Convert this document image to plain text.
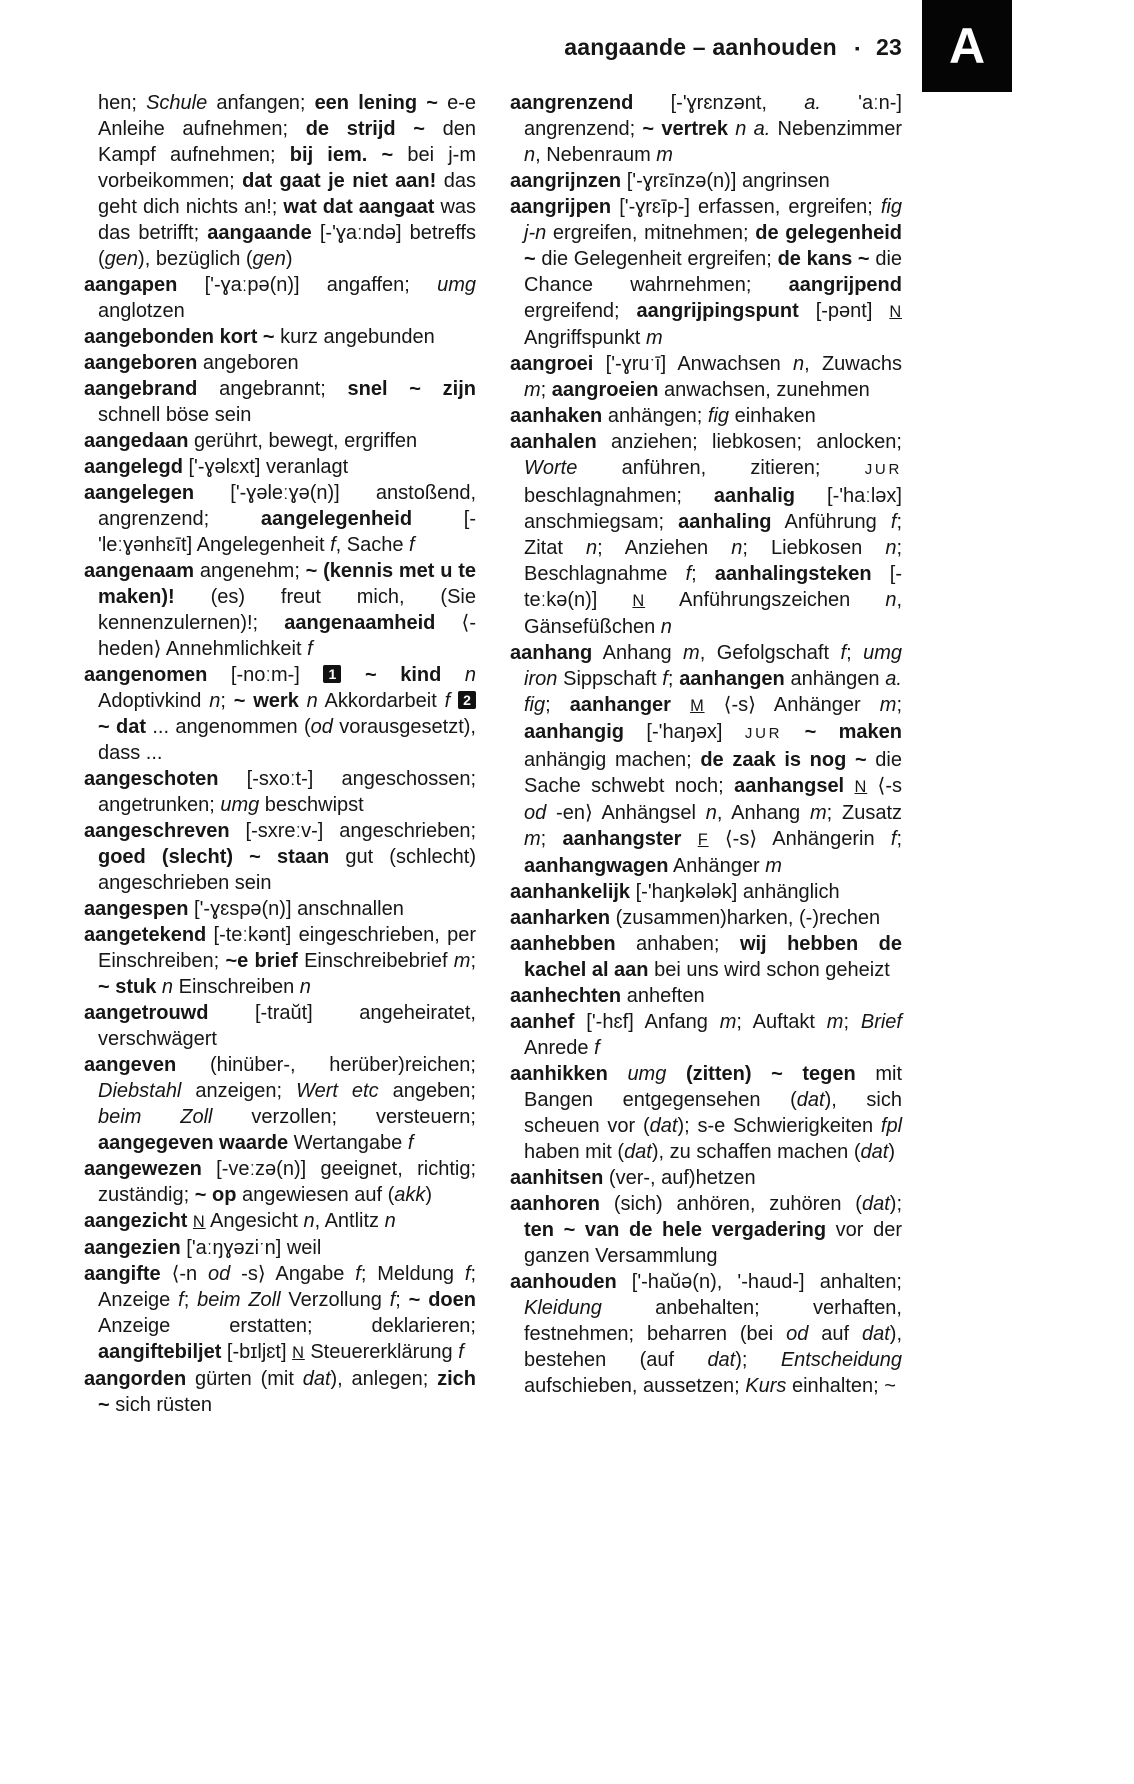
aangaande – aanhouden ▪ 23 A

hen; Schule anfangen; een lening ~ e-e Anleihe aufnehmen; de strijd ~ den Kampf aufnehmen; bij iem. ~ bei j-m vorbeikommen; dat gaat je niet aan! das geht dich nichts an!; wat dat aangaat was das betrifft; aangaande [-'ɣaːndə] betreffs (gen), bezüglich (gen)

aangapen ['-ɣaːpə(n)] angaffen; umg anglotzen

aangebonden kort ~ kurz angebunden

aangeboren angeboren

aangebrand angebrannt; snel ~ zijn schnell böse sein

aangedaan gerührt, bewegt, ergriffen

aangelegd ['-ɣəlɛxt] veranlagt

aangelegen ['-ɣəleːɣə(n)] anstoßend, angrenzend; aangelegenheid [-'leːɣənhɛīt] Angelegenheit f, Sache f

aangenaam angenehm; ~ (kennis met u te maken)! (es) freut mich, (Sie kennenzulernen)!; aangenaamheid ⟨-heden⟩ Annehmlichkeit f

aangenomen [-noːm-] 1 ~ kind n Adoptivkind n; ~ werk n Akkordarbeit f 2 ~ dat ... angenommen (od vorausgesetzt), dass ...

aangeschoten [-sxoːt-] angeschossen; angetrunken; umg beschwipst

aangeschreven [-sxreːv-] angeschrieben; goed (slecht) ~ staan gut (schlecht) angeschrieben sein

aangespen ['-ɣɛspə(n)] anschnallen

aangetekend [-teːkənt] eingeschrieben, per Einschreiben; ~e brief Einschreibebrief m; ~ stuk n Einschreiben n

aangetrouwd [-traŭt] angeheiratet, verschwägert

aangeven (hinüber-, herüber)reichen; Diebstahl anzeigen; Wert etc angeben; beim Zoll verzollen; versteuern; aangegeven waarde Wertangabe f

aangewezen [-veːzə(n)] geeignet, richtig; zuständig; ~ op angewiesen auf (akk)

aangezicht N Angesicht n, Antlitz n

aangezien ['aːŋɣəziˑn] weil

aangifte ⟨-n od -s⟩ Angabe f; Meldung f; Anzeige f; beim Zoll Verzollung f; ~ doen Anzeige erstatten; deklarieren; aangiftebiljet [-bɪljɛt] N Steuererklärung f

aangorden gürten (mit dat), anlegen; zich ~ sich rüsten

aangrenzend [-'ɣrɛnzənt, a. 'aːn-] angrenzend; ~ vertrek n a. Nebenzimmer n, Nebenraum m

aangrijnzen ['-ɣrɛīnzə(n)] angrinsen

aangrijpen ['-ɣrɛīp-] erfassen, ergreifen; fig j-n ergreifen, mitnehmen; de gelegenheid ~ die Gelegenheit ergreifen; de kans ~ die Chance wahrnehmen; aangrijpend ergreifend; aangrijpingspunt [-pənt] N Angriffspunkt m

aangroei ['-ɣruˑī] Anwachsen n, Zuwachs m; aangroeien anwachsen, zunehmen

aanhaken anhängen; fig einhaken

aanhalen anziehen; liebkosen; anlocken; Worte anführen, zitieren; JUR beschlagnahmen; aanhalig [-'haːləx] anschmiegsam; aanhaling Anführung f; Zitat n; Anziehen n; Liebkosen n; Beschlagnahme f; aanhalingsteken [-teːkə(n)] N Anführungszeichen n, Gänsefüßchen n

aanhang Anhang m, Gefolgschaft f; umg iron Sippschaft f; aanhangen anhängen a. fig; aanhanger M ⟨-s⟩ Anhänger m; aanhangig [-'haŋəx] JUR ~ maken anhängig machen; de zaak is nog ~ die Sache schwebt noch; aanhangsel N ⟨-s od -en⟩ Anhängsel n, Anhang m; Zusatz m; aanhangster F ⟨-s⟩ Anhängerin f; aanhangwagen Anhänger m

aanhankelijk [-'haŋkələk] anhänglich

aanharken (zusammen)harken, (-)rechen

aanhebben anhaben; wij hebben de kachel al aan bei uns wird schon geheizt

aanhechten anheften

aanhef ['-hɛf] Anfang m; Auftakt m; Brief Anrede f

aanhikken umg (zitten) ~ tegen mit Bangen entgegensehen (dat), sich scheuen vor (dat); s-e Schwierigkeiten fpl haben mit (dat), zu schaffen machen (dat)

aanhitsen (ver-, auf)hetzen

aanhoren (sich) anhören, zuhören (dat); ten ~ van de hele vergadering vor der ganzen Versammlung

aanhouden ['-haŭə(n), '-haud-] anhalten; Kleidung anbehalten; verhaften, festnehmen; beharren (bei od auf dat), bestehen (auf dat); Entscheidung aufschieben, aussetzen; Kurs einhalten; ~
